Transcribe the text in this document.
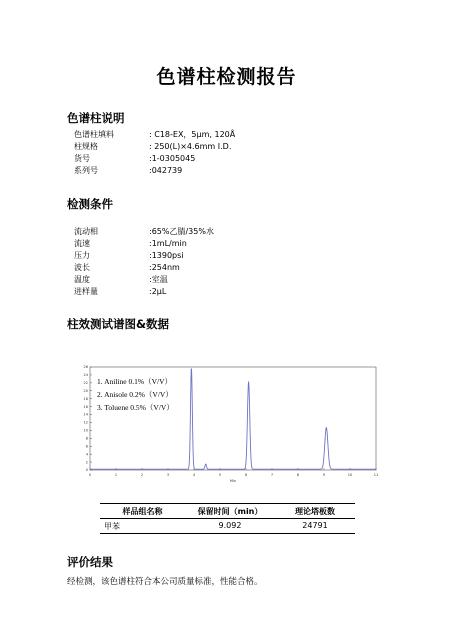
色谱柱检测报告
色谱柱说明
色谱柱填料	: C18-EX，5μm, 120Å
柱规格	: 250(L)×4.6mm I.D.
货号	:1-0305045
系列号	:042739
检测条件
流动相	:65%乙腈/35%水
流速	:1mL/min
压力	:1390psi
波长	:254nm
温度	:室温
进样量	:2μL
柱效测试谱图&数据
0
2
4
6
8
10
12
14
16
18
20
22
24
26
0	1	2	3	4	5	6	7	8	9	10	11
1. Aniline 0.1%（V/V）
2. Anisole 0.2%（V/V）
3. Toluene 0.5%（V/V）
Min
样品组名称	保留时间（min）	理论塔板数
甲苯	9.092	24791
评价结果
经检测，该色谱柱符合本公司质量标准，性能合格。
